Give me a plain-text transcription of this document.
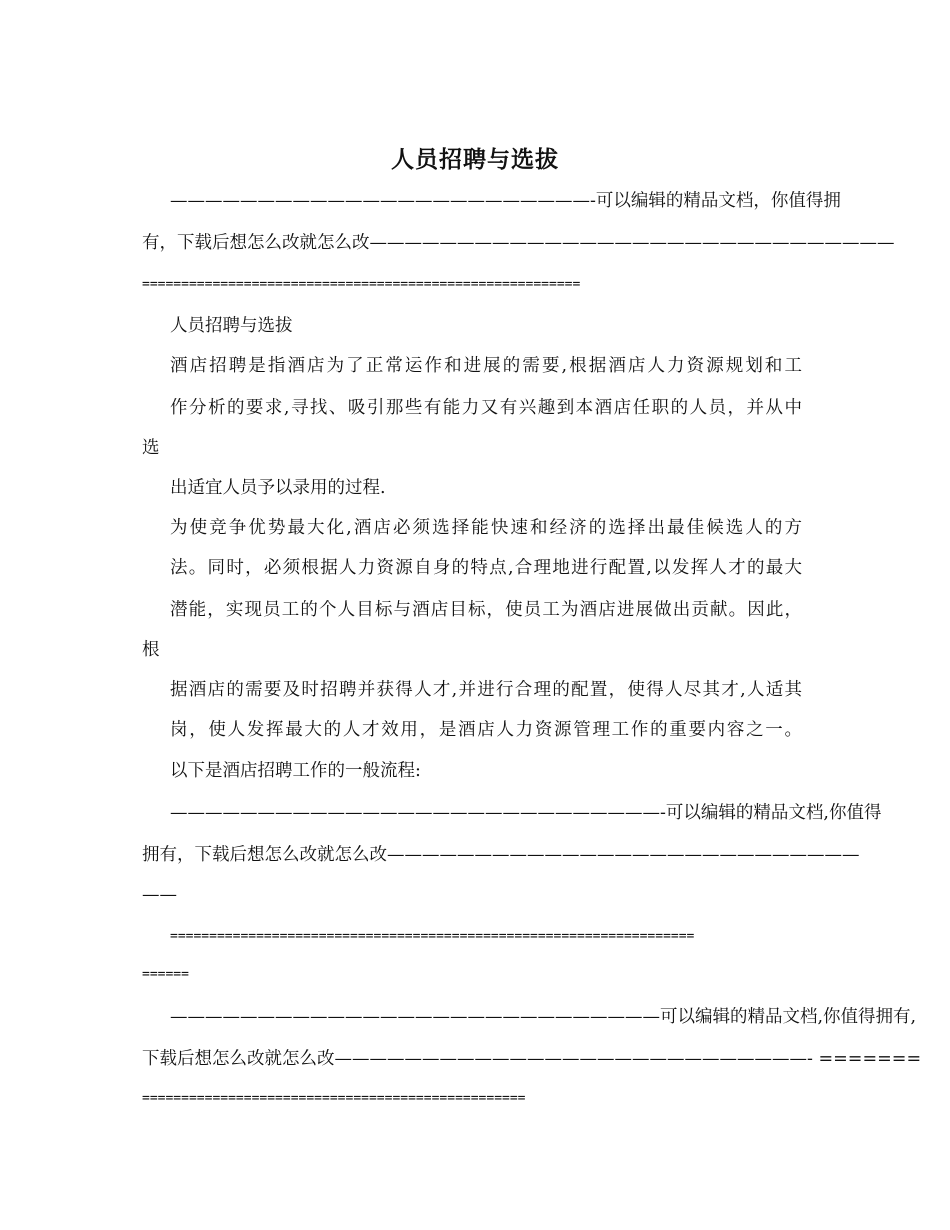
人员招聘与选拔
————————————————————————-可以编辑的精品文档，你值得拥
有，下载后想怎么改就怎么改——————————————————————————————
========================================================
人员招聘与选拔
酒店招聘是指酒店为了正常运作和进展的需要,根据酒店人力资源规划和工
作分析的要求,寻找、吸引那些有能力又有兴趣到本酒店任职的人员，并从中
选
出适宜人员予以录用的过程.
为使竞争优势最大化,酒店必须选择能快速和经济的选择出最佳候选人的方
法。同时，必须根据人力资源自身的特点,合理地进行配置,以发挥人才的最大
潜能，实现员工的个人目标与酒店目标，使员工为酒店进展做出贡献。因此，
根
据酒店的需要及时招聘并获得人才,并进行合理的配置，使得人尽其才,人适其
岗，使人发挥最大的人才效用，是酒店人力资源管理工作的重要内容之一。
以下是酒店招聘工作的一般流程:
————————————————————————————-可以编辑的精品文档,你值得
拥有，下载后想怎么改就怎么改———————————————————————————
——
===================================================================
======
————————————————————————————可以编辑的精品文档,你值得拥有,
下载后想怎么改就怎么改———————————————————————————- =======
=================================================
